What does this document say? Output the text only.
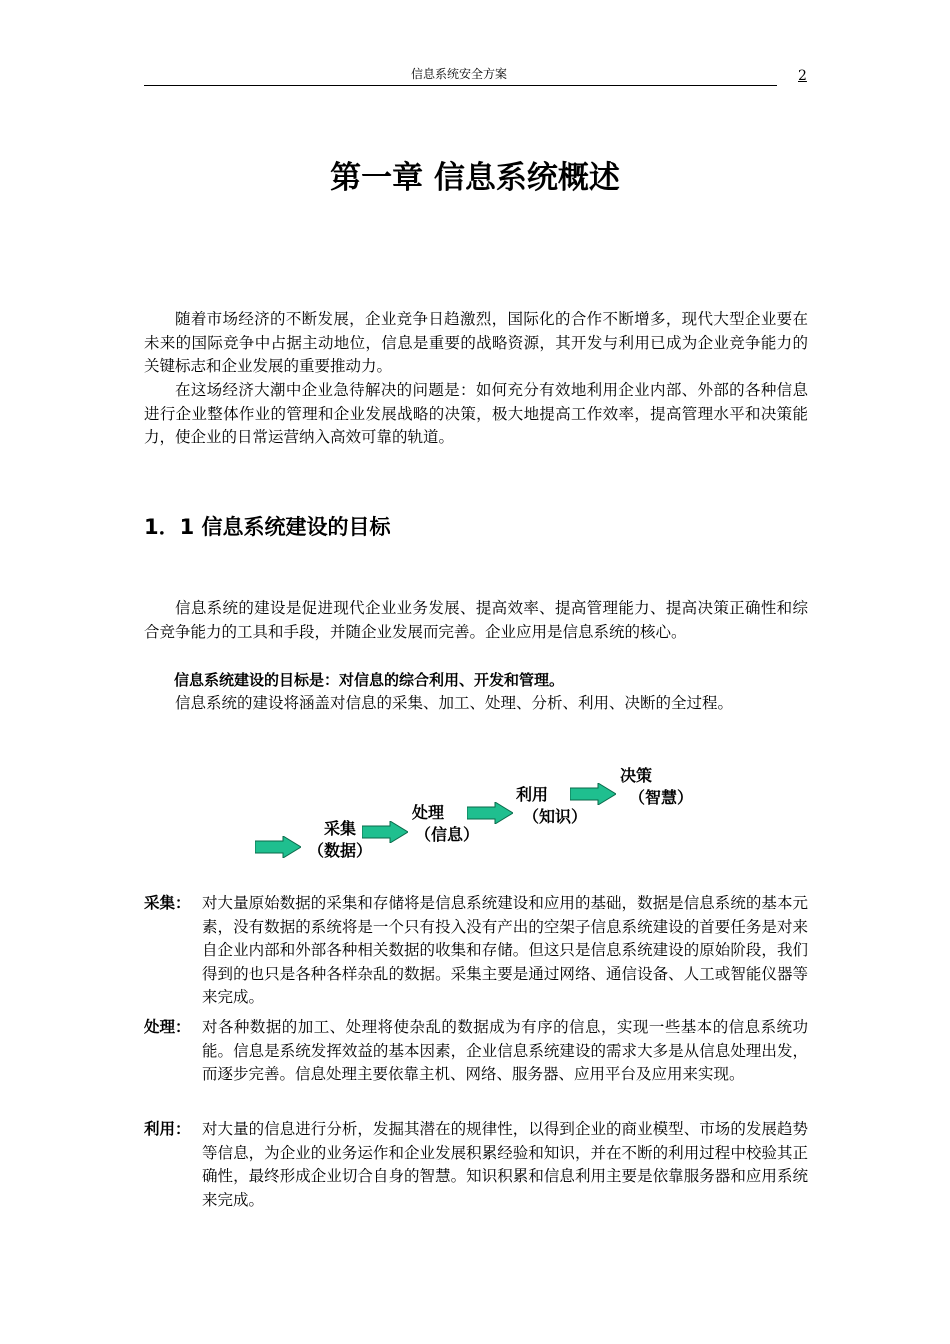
信息系统安全方案	2
第一章 信息系统概述
随着市场经济的不断发展，企业竞争日趋激烈，国际化的合作不断增多，现代大型企业要在未来的国际竞争中占据主动地位，信息是重要的战略资源，其开发与利用已成为企业竞争能力的关键标志和企业发展的重要推动力。
在这场经济大潮中企业急待解决的问题是：如何充分有效地利用企业内部、外部的各种信息进行企业整体作业的管理和企业发展战略的决策，极大地提高工作效率，提高管理水平和决策能力，使企业的日常运营纳入高效可靠的轨道。
1．1 信息系统建设的目标
信息系统的建设是促进现代企业业务发展、提高效率、提高管理能力、提高决策正确性和综合竞争能力的工具和手段，并随企业发展而完善。企业应用是信息系统的核心。
信息系统建设的目标是：对信息的综合利用、开发和管理。
信息系统的建设将涵盖对信息的采集、加工、处理、分析、利用、决断的全过程。
采集
（数据）
处理
（信息）
利用
（知识）
决策
（智慧）
采集： 对大量原始数据的采集和存储将是信息系统建设和应用的基础，数据是信息系统的基本元素，没有数据的系统将是一个只有投入没有产出的空架子信息系统建设的首要任务是对来自企业内部和外部各种相关数据的收集和存储。但这只是信息系统建设的原始阶段，我们得到的也只是各种各样杂乱的数据。采集主要是通过网络、通信设备、人工或智能仪器等来完成。
处理： 对各种数据的加工、处理将使杂乱的数据成为有序的信息，实现一些基本的信息系统功能。信息是系统发挥效益的基本因素，企业信息系统建设的需求大多是从信息处理出发，而逐步完善。信息处理主要依靠主机、网络、服务器、应用平台及应用来实现。
利用： 对大量的信息进行分析，发掘其潜在的规律性，以得到企业的商业模型、市场的发展趋势等信息，为企业的业务运作和企业发展积累经验和知识，并在不断的利用过程中校验其正确性，最终形成企业切合自身的智慧。知识积累和信息利用主要是依靠服务器和应用系统来完成。
